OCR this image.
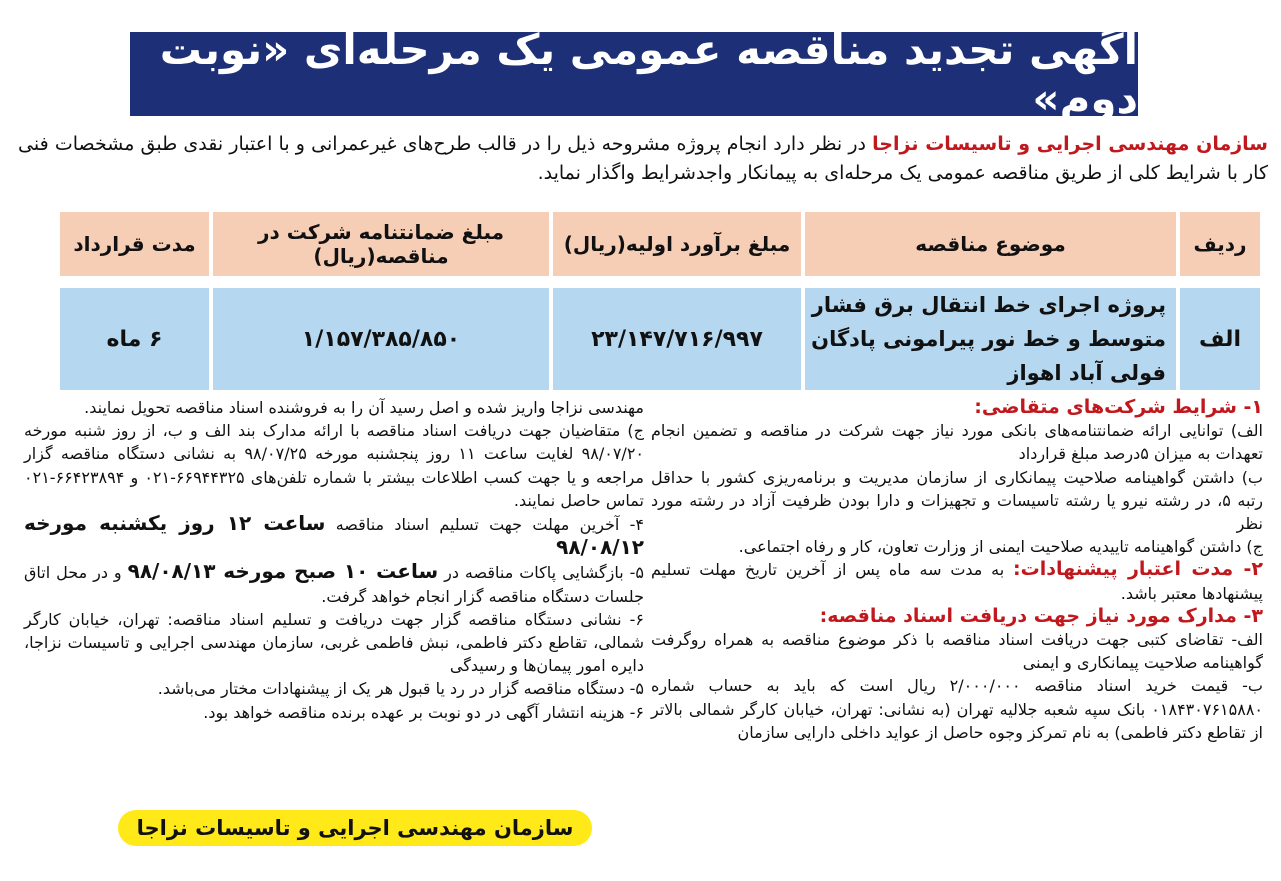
آگهی تجدید مناقصه عمومی یک مرحله‌ای «نوبت دوم»
سازمان مهندسی اجرایی و تاسیسات نزاجا در نظر دارد انجام پروژه مشروحه ذیل را در قالب طرح‌های غیرعمرانی و با اعتبار نقدی طبق مشخصات فنی کار با شرایط کلی از طریق مناقصه عمومی یک مرحله‌ای به پیمانکار واجدشرایط واگذار نماید.
ردیف	موضوع مناقصه	مبلغ برآورد اولیه(ریال)	مبلغ ضمانتنامه شرکت در مناقصه(ریال)	مدت قرارداد
الف	پروژه اجرای خط انتقال برق فشار متوسط و خط نور پیرامونی پادگان فولی آباد اهواز	۲۳/۱۴۷/۷۱۶/۹۹۷	۱/۱۵۷/۳۸۵/۸۵۰	۶ ماه
۱- شرایط شرکت‌های متقاضی:
الف) توانایی ارائه ضمانتنامه‌های بانکی مورد نیاز جهت شرکت در مناقصه و تضمین انجام تعهدات به میزان ۵درصد مبلغ قرارداد
ب) داشتن گواهینامه صلاحیت پیمانکاری از سازمان مدیریت و برنامه‌ریزی کشور با حداقل رتبه ۵، در رشته نیرو یا رشته تاسیسات و تجهیزات و دارا بودن ظرفیت آزاد در رشته مورد نظر
ج) داشتن گواهینامه تاییدیه صلاحیت ایمنی از وزارت تعاون، کار و رفاه اجتماعی.
۲- مدت اعتبار پیشنهادات: به مدت سه ماه پس از آخرین تاریخ مهلت تسلیم پیشنهادها معتبر باشد.
۳- مدارک مورد نیاز جهت دریافت اسناد مناقصه:
الف- تقاضای کتبی جهت دریافت اسناد مناقصه با ذکر موضوع مناقصه به همراه روگرفت گواهینامه صلاحیت پیمانکاری و ایمنی
ب- قیمت خرید اسناد مناقصه ۲/۰۰۰/۰۰۰ ریال است که باید به حساب شماره ۰۱۸۴۳۰۷‌‌‌۶۱۵۸۸۰ بانک سپه شعبه جلالیه تهران (به نشانی: تهران، خیابان کارگر شمالی بالاتر از تقاطع دکتر فاطمی) به نام تمرکز وجوه حاصل از عواید داخلی دارایی سازمان
مهندسی نزاجا واریز شده و اصل رسید آن را به فروشنده اسناد مناقصه تحویل نمایند.
ج) متقاضیان جهت دریافت اسناد مناقصه با ارائه مدارک بند الف و ب، از روز شنبه مورخه ۹۸/۰۷/۲۰ لغایت ساعت ۱۱ روز پنجشنبه مورخه ۹۸/۰۷/۲۵ به نشانی دستگاه مناقصه گزار مراجعه و یا جهت کسب اطلاعات بیشتر با شماره تلفن‌های ۶۶۹۴۴۳۲۵-۰۲۱ و ۶۶۴۲۳۸۹۴-۰۲۱ تماس حاصل نمایند.
۴- آخرین مهلت جهت تسلیم اسناد مناقصه ساعت ۱۲ روز یکشنبه مورخه ۹۸/۰۸/۱۲
۵- بازگشایی پاکات مناقصه در ساعت ۱۰ صبح مورخه ۹۸/۰۸/۱۳ و در محل اتاق جلسات دستگاه مناقصه گزار انجام خواهد گرفت.
۶- نشانی دستگاه مناقصه گزار جهت دریافت و تسلیم اسناد مناقصه: تهران، خیابان کارگر شمالی، تقاطع دکتر فاطمی، نبش فاطمی غربی، سازمان مهندسی اجرایی و تاسیسات نزاجا، دایره امور پیمان‌ها و رسیدگی
۵- دستگاه مناقصه گزار در رد یا قبول هر یک از پیشنهادات مختار می‌باشد.
۶- هزینه انتشار آگهی در دو نوبت بر عهده برنده مناقصه خواهد بود.
سازمان مهندسی اجرایی و تاسیسات نزاجا
